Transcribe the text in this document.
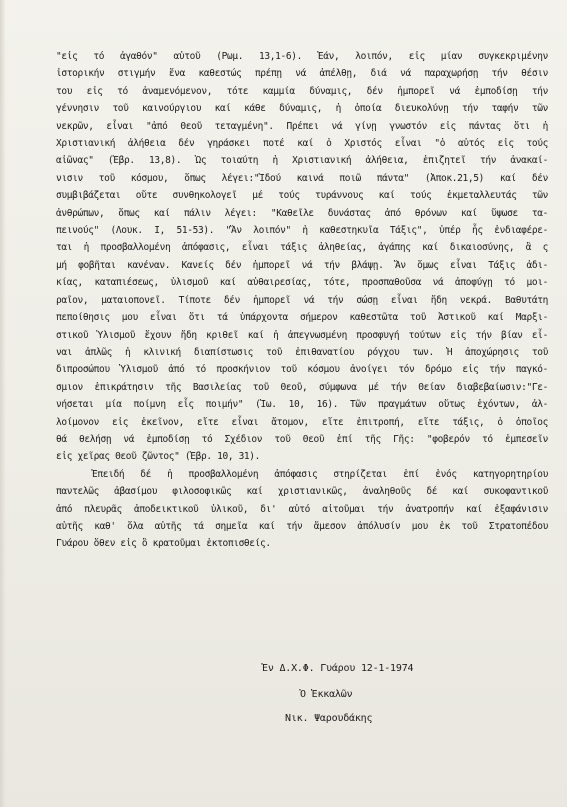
"εἰς τό ἀγαθόν" αὐτοῦ (Ρωμ. 13,1-6). Ἐάν, λοιπόν, εἰς μίαν συγκεκριμένην
ἱστορικήν στιγμήν ἕνα καθεστώς πρέπῃ νά ἀπέλθῃ, διά νά παραχωρήσῃ τήν θέσιν
του εἰς τό ἀναμενόμενον, τότε καμμία δύναμις, δέν ἠμπορεῖ νά ἐμποδίσῃ τήν
γέννησιν τοῦ καινούργιου καί κάθε δύναμις, ἡ ὁποία διευκολύνῃ τήν ταφήν τῶν
νεκρῶν, εἶναι "ἀπό Θεοῦ τεταγμένη". Πρέπει νά γίνῃ γνωστόν εἰς πάντας ὅτι ἡ
Χριστιανική ἀλήθεια δέν γηράσκει ποτέ καί ὁ Χριστός εἶναι "ὁ αὐτός εἰς τούς
αἰῶνας" (Ἑβρ. 13,8). Ὡς τοιαύτη ἡ Χριστιανική ἀλήθεια, ἐπιζητεῖ τήν ἀνακαί-
νισιν τοῦ κόσμου, ὅπως λέγει:"Ἰδού καινά ποιῶ πάντα" (Ἀποκ.21,5) καί δέν
συμβιβάζεται οὔτε συνθηκολογεῖ μέ τούς τυράννους καί τούς ἐκμεταλλευτάς τῶν
ἀνθρώπων, ὅπως καί πάλιν λέγει: "Καθεῖλε δυνάστας ἀπό θρόνων καί ὕψωσε τα-
πεινούς" (Λουκ. Ι, 51-53). "Ἄν λοιπόν" ἡ καθεστηκυῖα Τάξις", ὑπέρ ἧς ἐνδιαφέρε-
ται ἡ προσβαλλομένη ἀπόφασις, εἶναι τάξις ἀληθείας, ἀγάπης καί δικαιοσύνης, ἃ ς
μή φοβῆται κανέναν. Κανείς δέν ἠμπορεῖ νά τήν βλάψῃ. Ἄν ὅμως εἶναι Τάξις ἀδι-
κίας, καταπιέσεως, ὑλισμοῦ καί αὐθαιρεσίας, τότε, προσπαθοῦσα νά ἀποφύγῃ τό μοι-
ραῖον, ματαιοπονεῖ. Τίποτε δέν ἠμπορεῖ νά τήν σώσῃ εἶναι ἤδη νεκρά. Βαθυτάτη
πεποίθησις μου εἶναι ὅτι τά ὑπάρχοντα σήμερον καθεστῶτα τοῦ Ἀστικοῦ καί Μαρξι-
στικοῦ Ὑλισμοῦ ἔχουν ἤδη κριθεῖ καί ἡ ἀπεγνωσμένη προσφυγή τούτων εἰς τήν βίαν εἶ-
ναι ἁπλῶς ἡ κλινική διαπίστωσις τοῦ ἐπιθανατίου ρόγχου των. Ἡ ἀποχώρησις τοῦ
διπροσώπου Ὑλισμοῦ ἀπό τό προσκήνιον τοῦ κόσμου ἀνοίγει τόν δρόμο εἰς τήν παγκό-
σμιον ἐπικράτησιν τῆς Βασιλείας τοῦ Θεοῦ, σύμφωνα μέ τήν Θείαν διαβεβαίωσιν:"Γε-
νήσεται μία ποίμνη εἷς ποιμήν" (Ἰω. 10, 16). Τῶν πραγμάτων οὕτως ἐχόντων, ἀλ-
λοίμονον εἰς ἐκεῖνον, εἴτε εἶναι ἄτομον, εἴτε ἐπιτροπή, εἴτε τάξις, ὁ ὁποῖος
θά θελήσῃ νά ἐμποδίσῃ τό Σχέδιον τοῦ Θεοῦ ἐπί τῆς Γῆς: "φοβερόν τό ἐμπεσεῖν
εἰς χεῖρας Θεοῦ ζῶντος" (Ἑβρ. 10, 31).
Ἐπειδή δέ ἡ προσβαλλομένη ἀπόφασις στηρίζεται ἐπί ἑνός κατηγορητηρίου
παντελῶς ἀβασίμου φιλοσοφικῶς καί χριστιανικῶς, ἀναληθοῦς δέ καί συκοφαντικοῦ
ἀπό πλευρᾶς ἀποδεικτικοῦ ὑλικοῦ, δι' αὐτό αἰτοῦμαι τήν ἀνατροπήν καί ἐξαφάνισιν
αὐτῆς καθ' ὅλα αὐτῆς τά σημεῖα καί τήν ἄμεσον ἀπόλυσίν μου ἐκ τοῦ Στρατοπέδου
Γυάρου ὅθεν εἰς ὃ κρατοῦμαι ἐκτοπισθείς.
Ἐν Δ.Χ.Φ. Γυάρου 12-1-1974
Ὁ Ἐκκαλῶν
Νικ. Ψαρουδάκης
